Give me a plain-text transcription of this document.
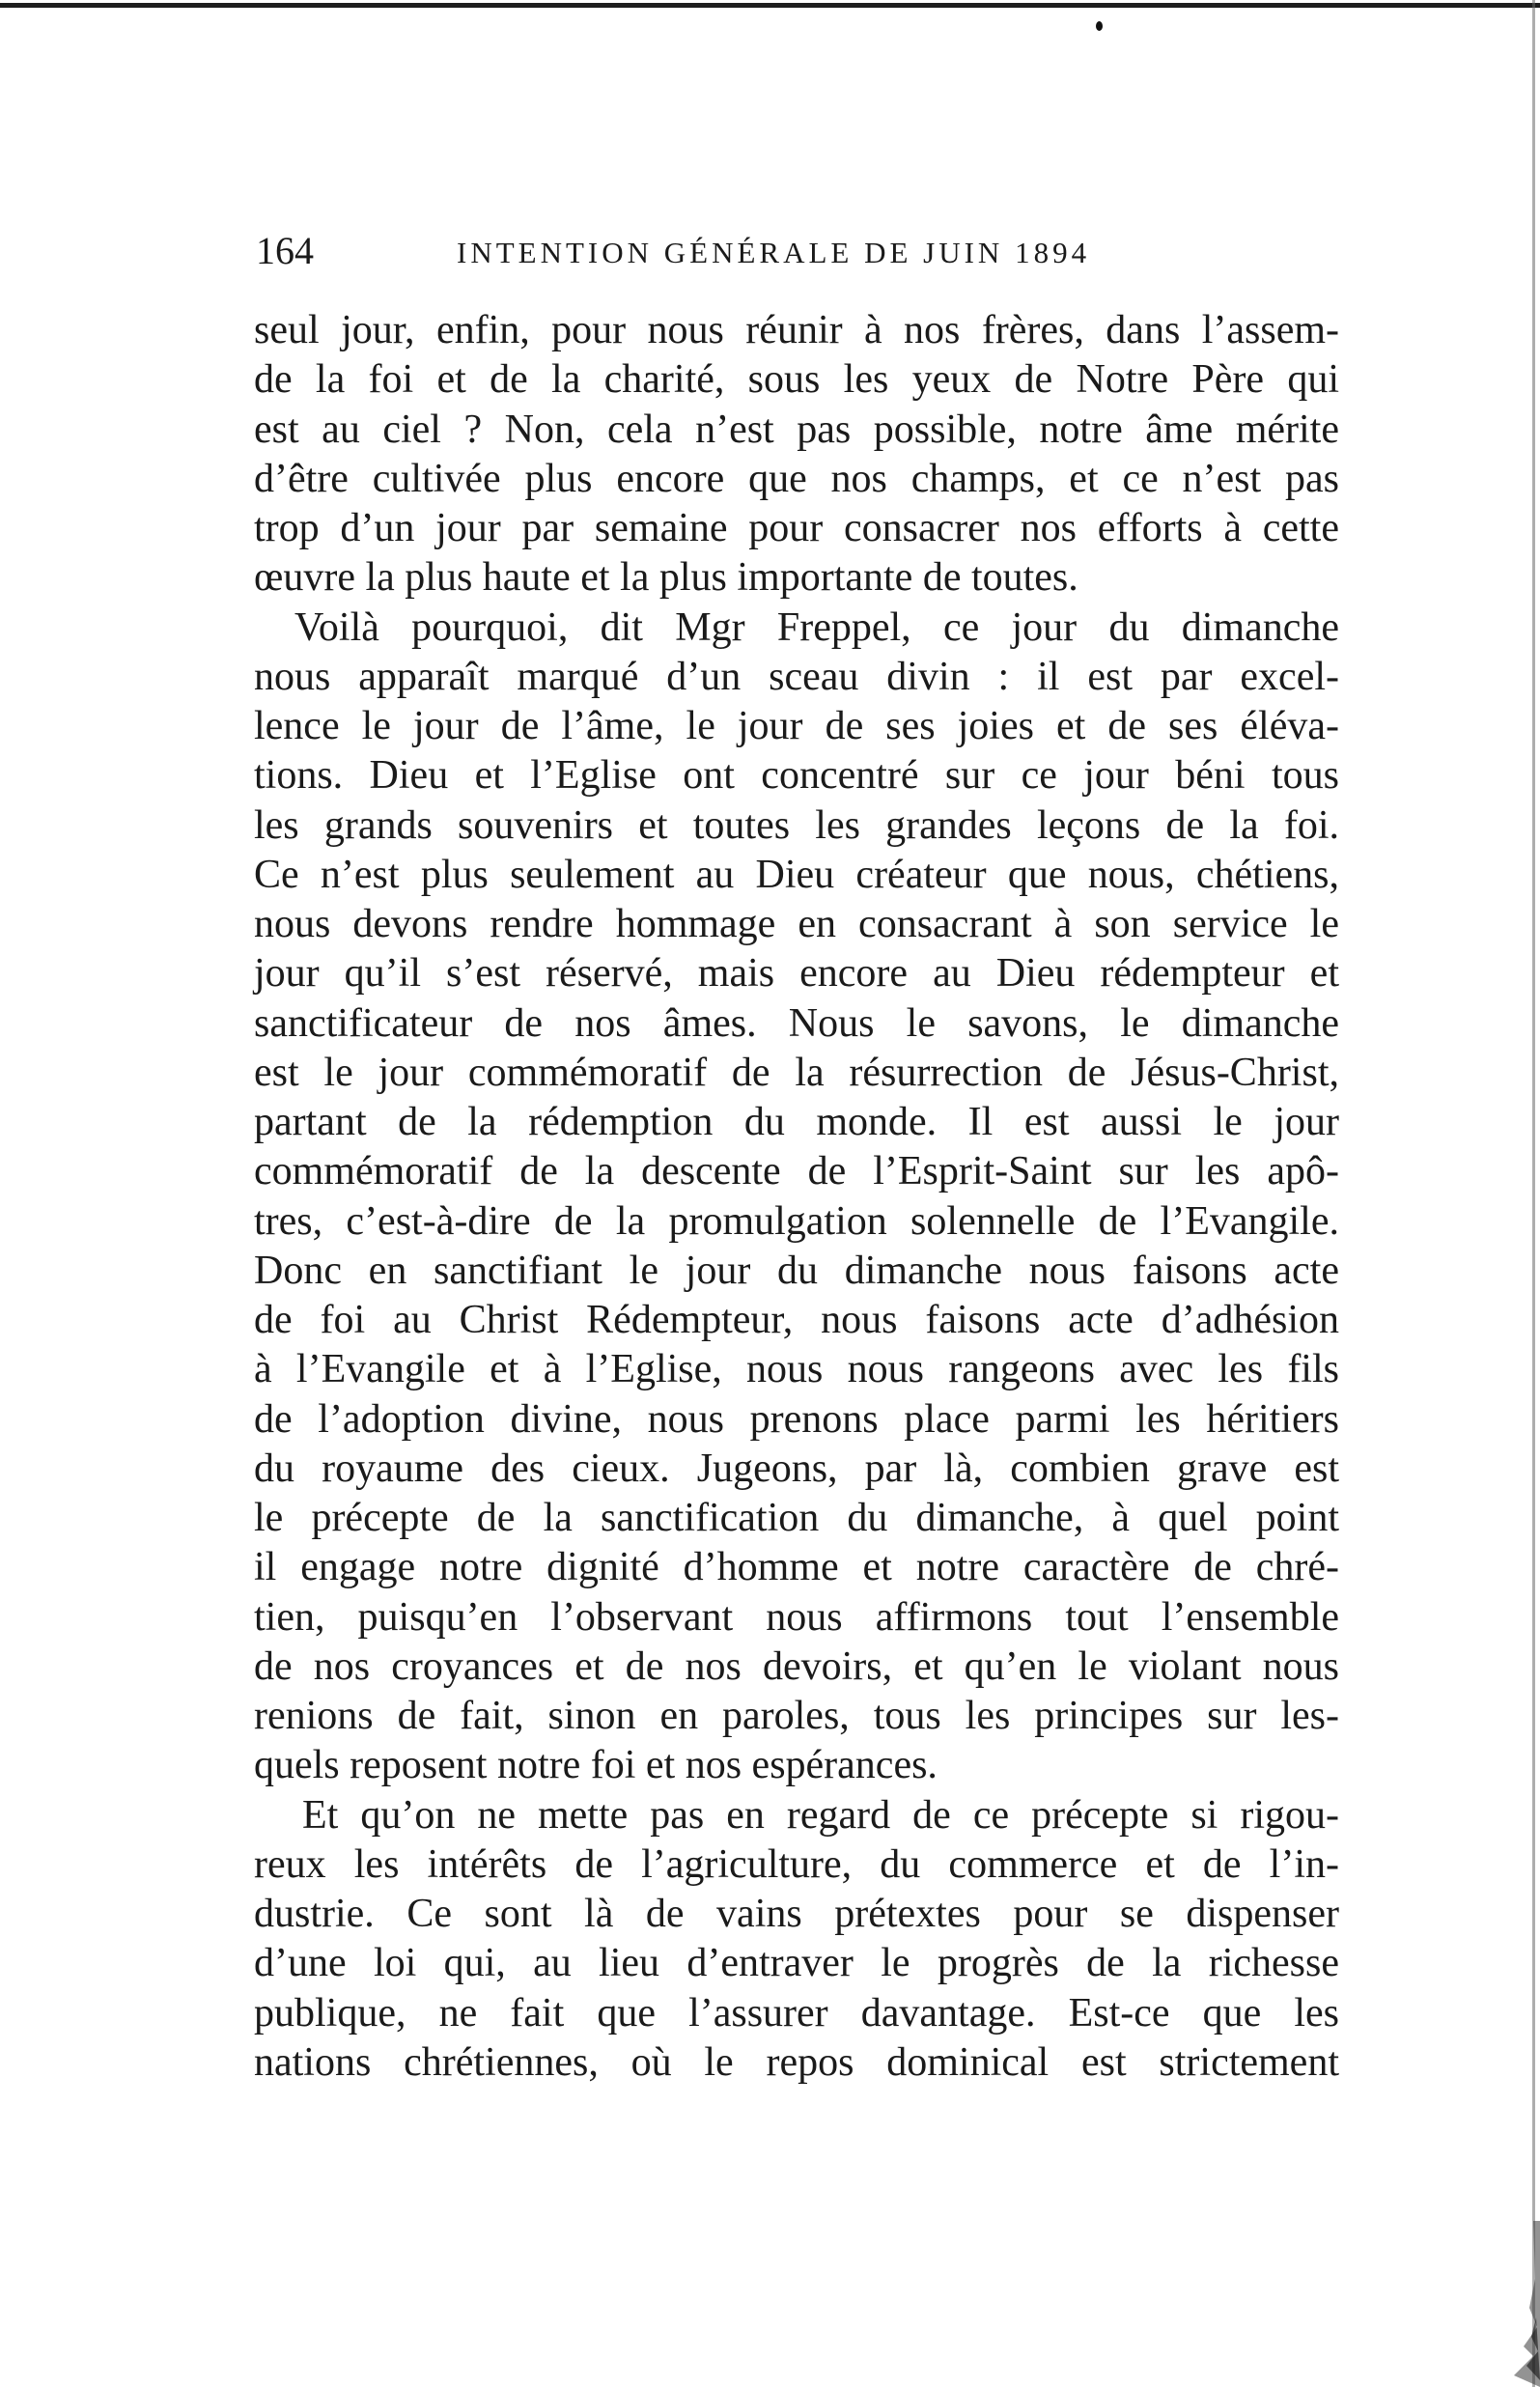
164	INTENTION GÉNÉRALE DE JUIN 1894
seul jour, enfin, pour nous réunir à nos frères, dans l’assem-
de la foi et de la charité, sous les yeux de Notre Père qui
est au ciel ? Non, cela n’est pas possible, notre âme mérite
d’être cultivée plus encore que nos champs, et ce n’est pas
trop d’un jour par semaine pour consacrer nos efforts à cette
œuvre la plus haute et la plus importante de toutes.
Voilà pourquoi, dit Mgr Freppel, ce jour du dimanche
nous apparaît marqué d’un sceau divin : il est par excel-
lence le jour de l’âme, le jour de ses joies et de ses éléva-
tions. Dieu et l’Eglise ont concentré sur ce jour béni tous
les grands souvenirs et toutes les grandes leçons de la foi.
Ce n’est plus seulement au Dieu créateur que nous, chétiens,
nous devons rendre hommage en consacrant à son service le
jour qu’il s’est réservé, mais encore au Dieu rédempteur et
sanctificateur de nos âmes. Nous le savons, le dimanche
est le jour commémoratif de la résurrection de Jésus-Christ,
partant de la rédemption du monde. Il est aussi le jour
commémoratif de la descente de l’Esprit-Saint sur les apô-
tres, c’est-à-dire de la promulgation solennelle de l’Evangile.
Donc en sanctifiant le jour du dimanche nous faisons acte
de foi au Christ Rédempteur, nous faisons acte d’adhésion
à l’Evangile et à l’Eglise, nous nous rangeons avec les fils
de l’adoption divine, nous prenons place parmi les héritiers
du royaume des cieux. Jugeons, par là, combien grave est
le précepte de la sanctification du dimanche, à quel point
il engage notre dignité d’homme et notre caractère de chré-
tien, puisqu’en l’observant nous affirmons tout l’ensemble
de nos croyances et de nos devoirs, et qu’en le violant nous
renions de fait, sinon en paroles, tous les principes sur les-
quels reposent notre foi et nos espérances.
Et qu’on ne mette pas en regard de ce précepte si rigou-
reux les intérêts de l’agriculture, du commerce et de l’in-
dustrie. Ce sont là de vains prétextes pour se dispenser
d’une loi qui, au lieu d’entraver le progrès de la richesse
publique, ne fait que l’assurer davantage. Est-ce que les
nations chrétiennes, où le repos dominical est strictement
